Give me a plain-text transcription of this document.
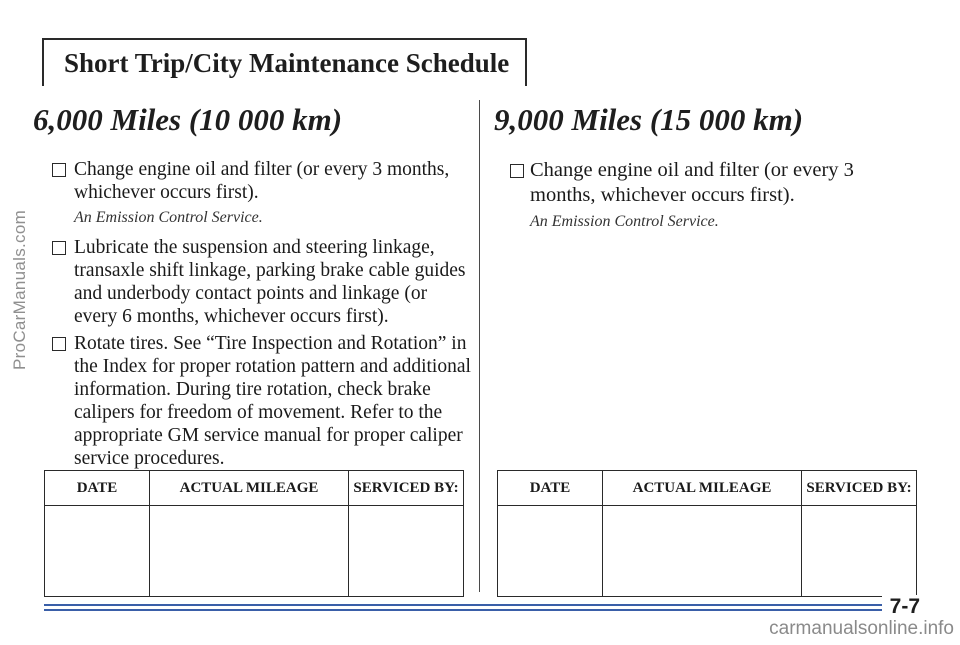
ProCarManuals.com
Short Trip/City Maintenance Schedule
6,000 Miles (10 000 km)
Change engine oil and filter (or every 3 months, whichever occurs first).
An Emission Control Service.
Lubricate the suspension and steering linkage, transaxle shift linkage, parking brake cable guides and underbody contact points and linkage (or every 6 months, whichever occurs first).
Rotate tires. See “Tire Inspection and Rotation” in the Index for proper rotation pattern and additional information. During tire rotation, check brake calipers for freedom of movement. Refer to the appropriate GM service manual for proper caliper service procedures.
9,000 Miles (15 000 km)
Change engine oil and filter (or every 3 months, whichever occurs first).
An Emission Control Service.
DATE	ACTUAL MILEAGE	SERVICED BY:
			DATE	ACTUAL MILEAGE	SERVICED BY:

7-7
carmanualsonline.info
